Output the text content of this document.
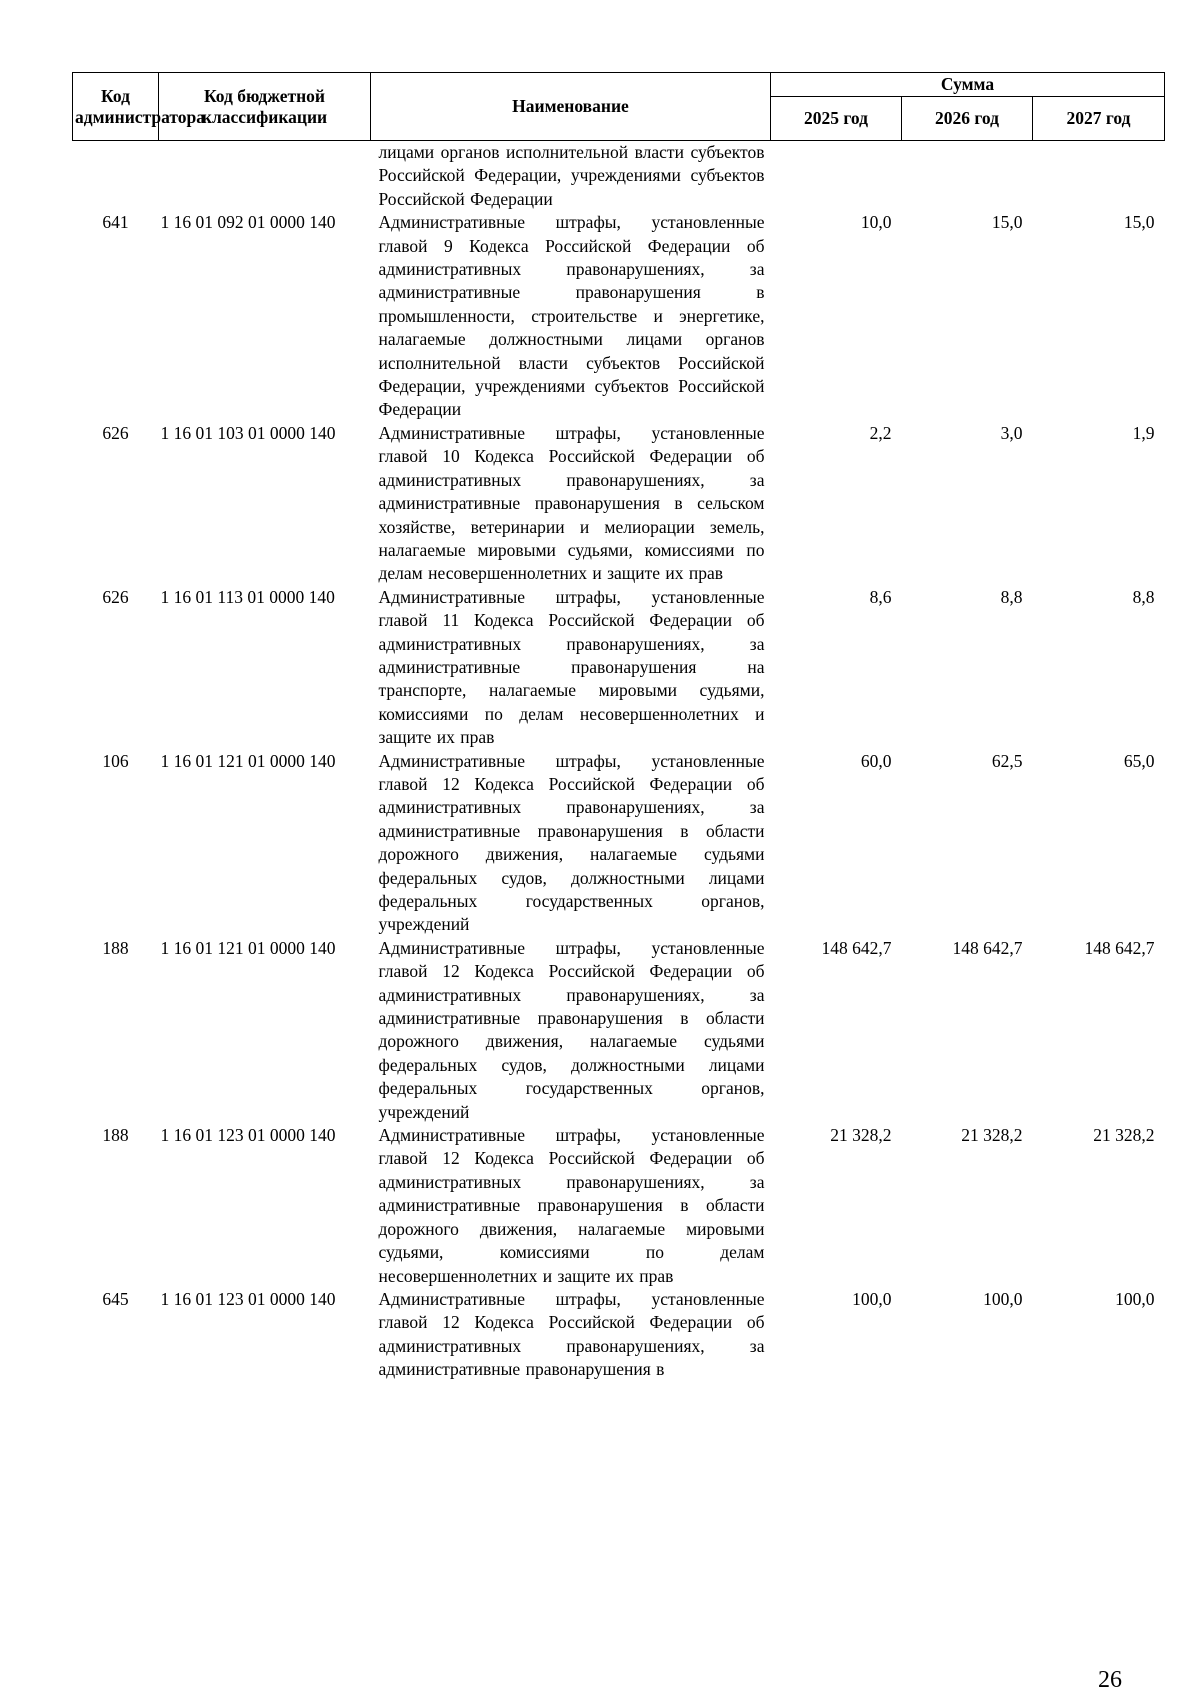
Код администратора	Код бюджетной классификации	Наименование	Сумма		
			2025 год	2026 год	2027 год
		лицами органов исполнительной власти субъектов Российской Федерации, учреждениями субъектов Российской Федерации			
641	1 16 01 092 01 0000 140	Административные штрафы, установленные главой 9 Кодекса Российской Федерации об административных правонарушениях, за административные правонарушения в промышленности, строительстве и энергетике, налагаемые должностными лицами органов исполнительной власти субъектов Российской Федерации, учреждениями субъектов Российской Федерации	10,0	15,0	15,0
626	1 16 01 103 01 0000 140	Административные штрафы, установленные главой 10 Кодекса Российской Федерации об административных правонарушениях, за административные правонарушения в сельском хозяйстве, ветеринарии и мелиорации земель, налагаемые мировыми судьями, комиссиями по делам несовершеннолетних и защите их прав	2,2	3,0	1,9
626	1 16 01 113 01 0000 140	Административные штрафы, установленные главой 11 Кодекса Российской Федерации об административных правонарушениях, за административные правонарушения на транспорте, налагаемые мировыми судьями, комиссиями по делам несовершеннолетних и защите их прав	8,6	8,8	8,8
106	1 16 01 121 01 0000 140	Административные штрафы, установленные главой 12 Кодекса Российской Федерации об административных правонарушениях, за административные правонарушения в области дорожного движения, налагаемые судьями федеральных судов, должностными лицами федеральных государственных органов, учреждений	60,0	62,5	65,0
188	1 16 01 121 01 0000 140	Административные штрафы, установленные главой 12 Кодекса Российской Федерации об административных правонарушениях, за административные правонарушения в области дорожного движения, налагаемые судьями федеральных судов, должностными лицами федеральных государственных органов, учреждений	148 642,7	148 642,7	148 642,7
188	1 16 01 123 01 0000 140	Административные штрафы, установленные главой 12 Кодекса Российской Федерации об административных правонарушениях, за административные правонарушения в области дорожного движения, налагаемые мировыми судьями, комиссиями по делам несовершеннолетних и защите их прав	21 328,2	21 328,2	21 328,2
645	1 16 01 123 01 0000 140	Административные штрафы, установленные главой 12 Кодекса Российской Федерации об административных правонарушениях, за административные правонарушения в	100,0	100,0	100,0
26
